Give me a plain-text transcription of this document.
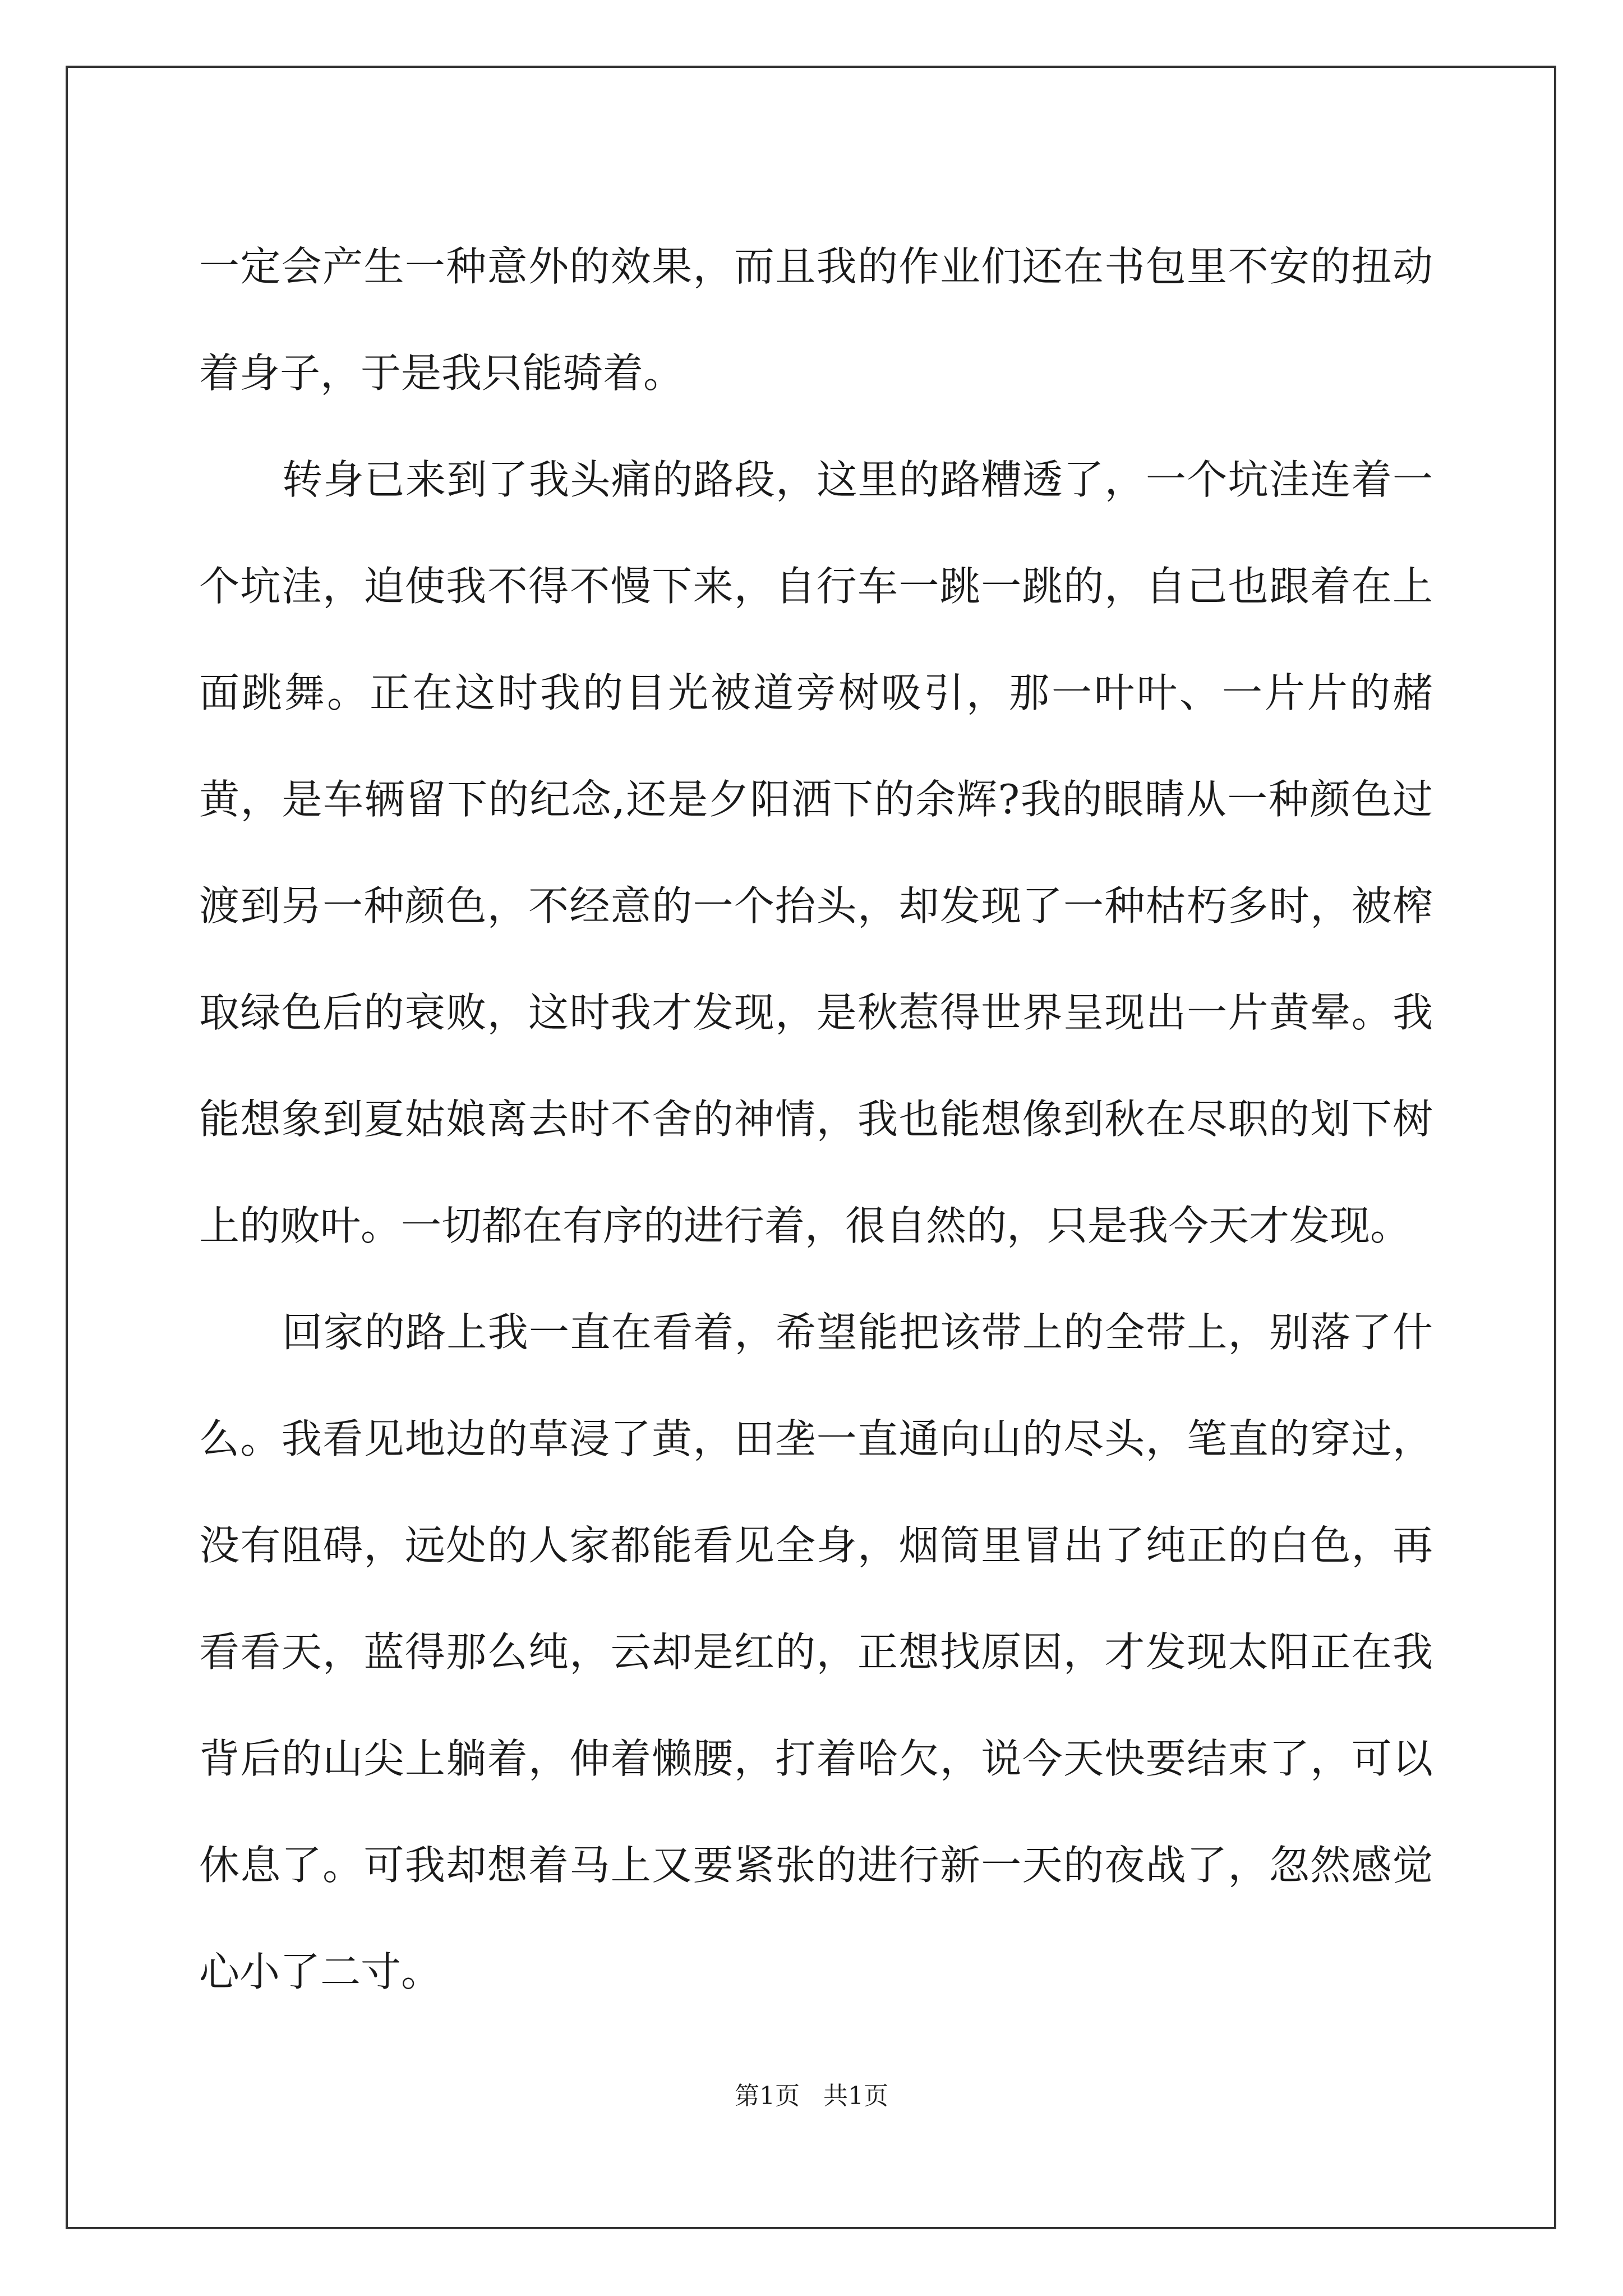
一定会产生一种意外的效果，而且我的作业们还在书包里不安的扭动着身子，于是我只能骑着。

转身已来到了我头痛的路段，这里的路糟透了，一个坑洼连着一个坑洼，迫使我不得不慢下来，自行车一跳一跳的，自己也跟着在上面跳舞。正在这时我的目光被道旁树吸引，那一叶叶、一片片的赭黄，是车辆留下的纪念,还是夕阳洒下的余辉?我的眼睛从一种颜色过渡到另一种颜色，不经意的一个抬头，却发现了一种枯朽多时，被榨取绿色后的衰败，这时我才发现，是秋惹得世界呈现出一片黄晕。我能想象到夏姑娘离去时不舍的神情，我也能想像到秋在尽职的划下树上的败叶。一切都在有序的进行着，很自然的，只是我今天才发现。

回家的路上我一直在看着，希望能把该带上的全带上，别落了什么。我看见地边的草浸了黄，田垄一直通向山的尽头，笔直的穿过，没有阻碍，远处的人家都能看见全身，烟筒里冒出了纯正的白色，再看看天，蓝得那么纯，云却是红的，正想找原因，才发现太阳正在我背后的山尖上躺着，伸着懒腰，打着哈欠，说今天快要结束了，可以休息了。可我却想着马上又要紧张的进行新一天的夜战了，忽然感觉心小了二寸。

第1页 共1页
